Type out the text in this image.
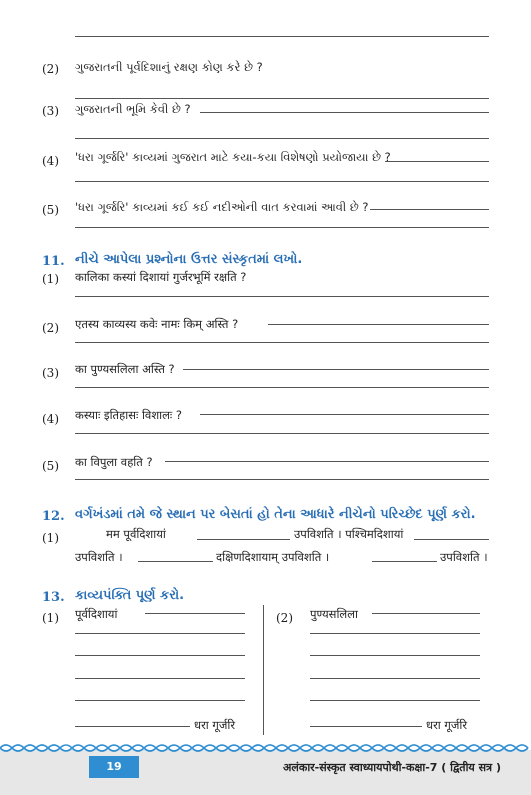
(2) ગુજરાતની પૂર્વદિશાનું રક્ષણ કોણ કરે છે ?
(3) ગુજરાતની ભૂમિ કેવી છે ?
(4) 'ધરા ગૂર્જરિ' કાવ્યમાં ગુજરાત માટે કયા-કયા વિશેષણો પ્રયોજાયા છે ?
(5) 'ધરા ગૂર્જરિ' કાવ્યમાં કઈ કઈ નદીઓની વાત કરવામાં આવી છે ?
11. નીચે આપેલા પ્રશ્નોના ઉત્તર સંસ્કૃતમાં લખો.
(1) कालिका कस्यां दिशायां गुर्जरभूमिं रक्षति ?
(2) एतस्य काव्यस्य कवेः नामः किम् अस्ति ?
(3) का पुण्यसलिला अस्ति ?
(4) कस्याः इतिहासः विशालः ?
(5) का विपुला वहति ?
12. વર્ગખંડમાં તમે જે સ્થાન પર બેસતાં હો તેના આધારે નીચેનો પરિચ્છેદ પૂર્ણ કરો.
(1)	मम पूर्वदिशायां	उपविशति । पश्चिमदिशायां
उपविशति ।	दक्षिणदिशायाम् उपविशति ।	उपविशति ।
13. કાવ્યપંક્તિ પૂર્ણ કરો.
(1) पूर्वदिशायां
धरा गूर्जरि
(2) पुण्यसलिला
धरा गूर्जरि
19	अलंकार-संस्कृत स्वाध्यायपोथी-कक्षा-7 ( द्वितीय सत्र )
